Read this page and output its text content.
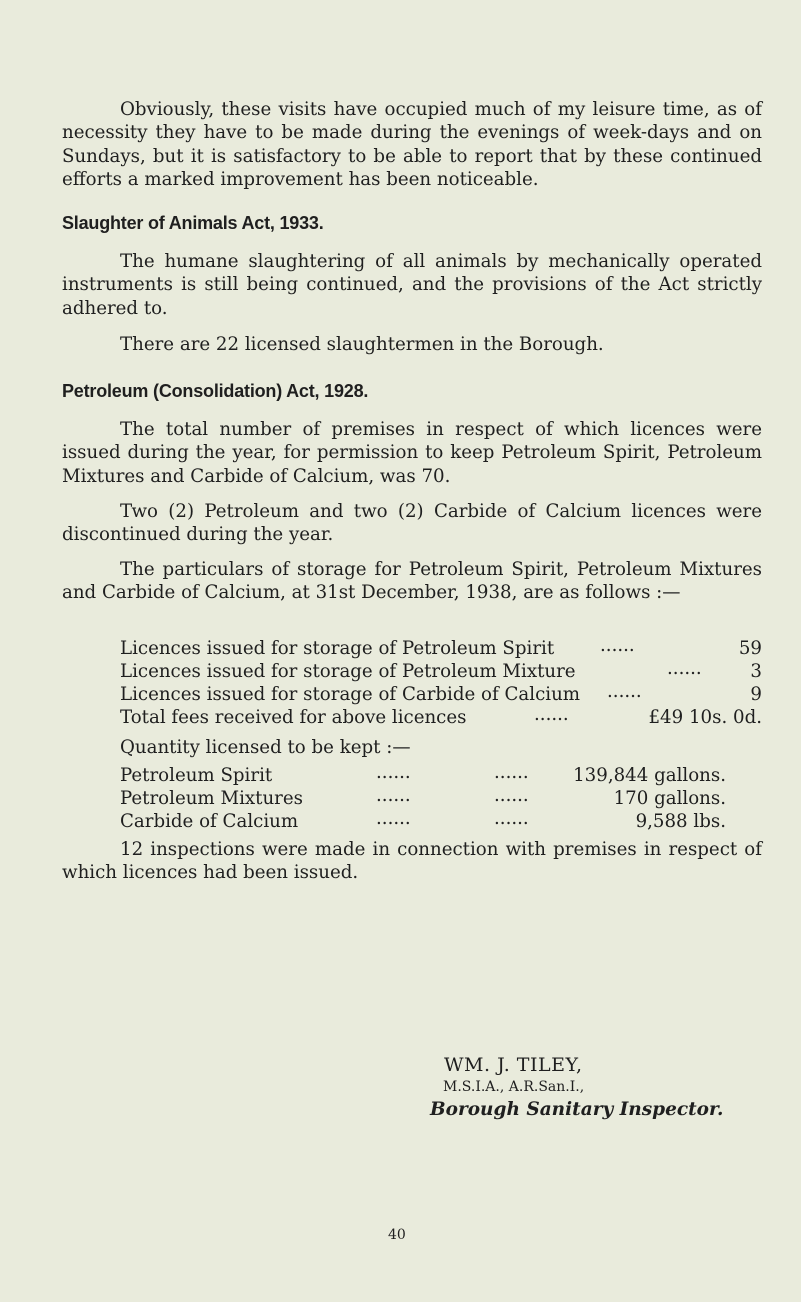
Obviously, these visits have occupied much of my leisure time, as of necessity they have to be made during the evenings of week-days and on Sundays, but it is satisfactory to be able to report that by these continued efforts a marked improvement has been noticeable.

Slaughter of Animals Act, 1933.

The humane slaughtering of all animals by mechanically operated instruments is still being continued, and the provisions of the Act strictly adhered to.

There are 22 licensed slaughtermen in the Borough.

Petroleum (Consolidation) Act, 1928.

The total number of premises in respect of which licences were issued during the year, for permission to keep Petroleum Spirit, Petroleum Mixtures and Carbide of Calcium, was 70.

Two (2) Petroleum and two (2) Carbide of Calcium licences were discontinued during the year.

The particulars of storage for Petroleum Spirit, Petroleum Mixtures and Carbide of Calcium, at 31st December, 1938, are as follows :—

Licences issued for storage of Petroleum Spirit	......	59
Licences issued for storage of Petroleum Mixture	......	3
Licences issued for storage of Carbide of Calcium ......	9
Total fees received for above licences	......	£49 10s. 0d.

Quantity licensed to be kept :—

Petroleum Spirit	......	...... 139,844 gallons.
Petroleum Mixtures	......	......	170 gallons.
Carbide of Calcium	......	......	9,588 lbs.

12 inspections were made in connection with premises in respect of which licences had been issued.

WM. J. TILEY,
M.S.I.A., A.R.San.I.,
Borough Sanitary Inspector.
40
